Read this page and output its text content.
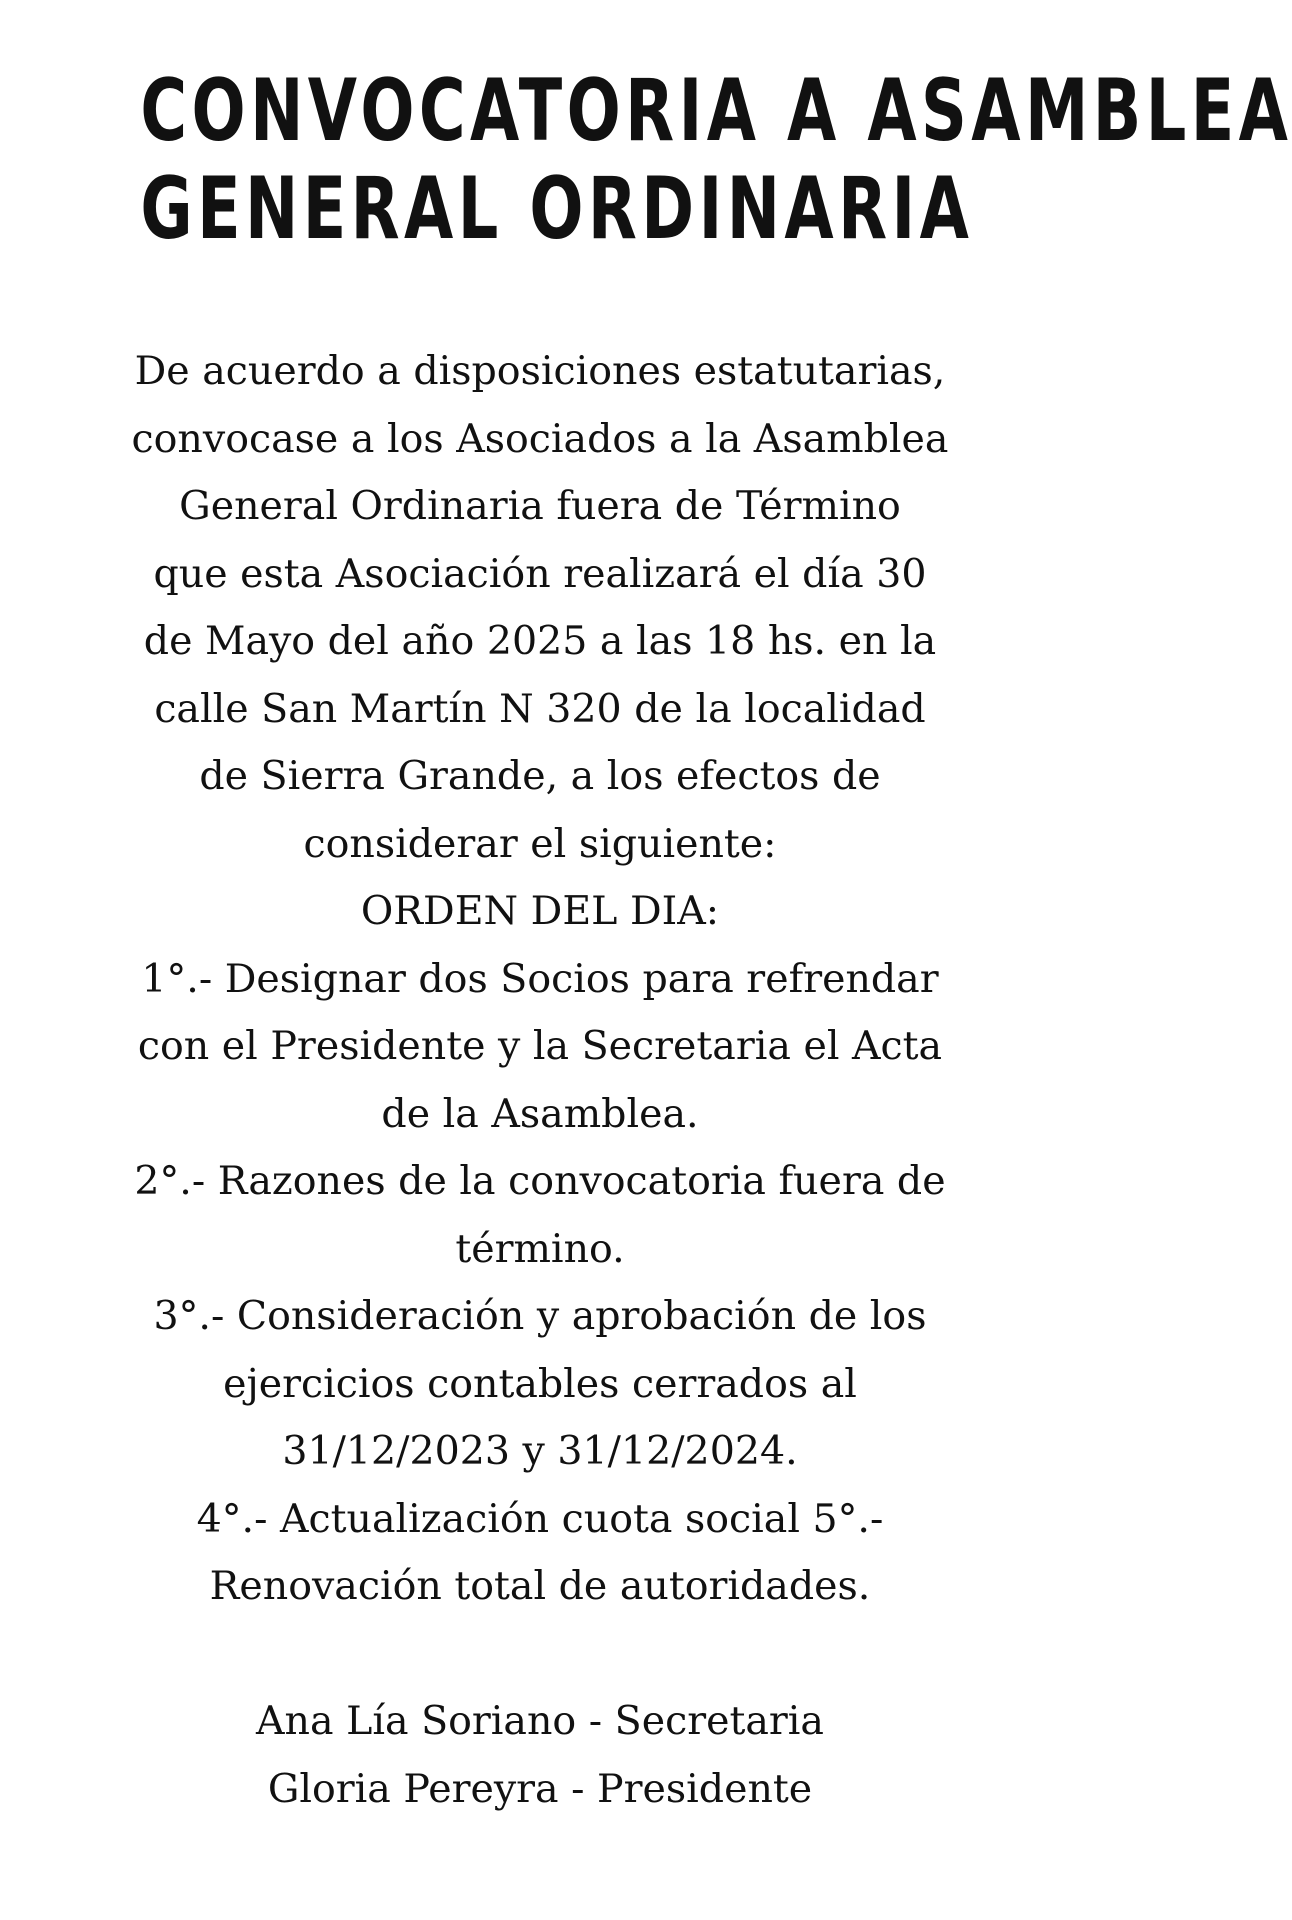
CONVOCATORIA A ASAMBLEA
GENERAL ORDINARIA
De acuerdo a disposiciones estatutarias,
convocase a los Asociados a la Asamblea
General Ordinaria fuera de Término
que esta Asociación realizará el día 30
de Mayo del año 2025 a las 18 hs. en la
calle San Martín N 320 de la localidad
de Sierra Grande, a los efectos de
considerar el siguiente:
ORDEN DEL DIA:
1°.- Designar dos Socios para refrendar
con el Presidente y la Secretaria el Acta
de la Asamblea.
2°.- Razones de la convocatoria fuera de
término.
3°.- Consideración y aprobación de los
ejercicios contables cerrados al
31/12/2023 y 31/12/2024.
4°.- Actualización cuota social 5°.-
Renovación total de autoridades.
Ana Lía Soriano - Secretaria
Gloria Pereyra - Presidente
